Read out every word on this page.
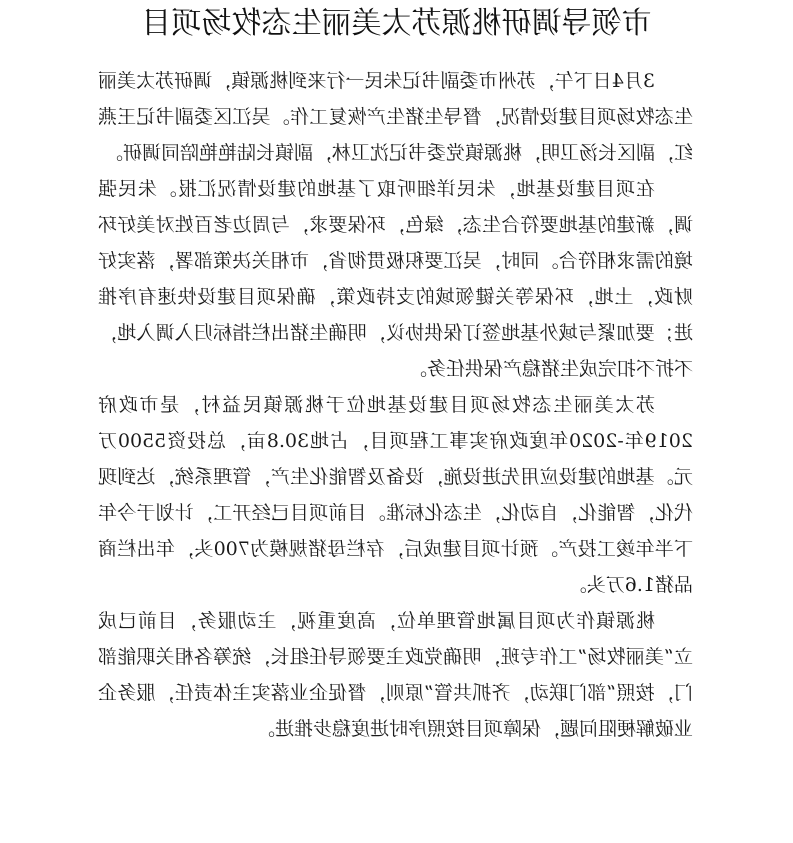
市领导调研桃源苏太美丽生态牧场项目

3月4日下午，苏州市委副书记朱民一行来到桃源镇，调研苏太美丽生态牧场项目建设情况，督导生猪生产恢复工作。吴江区委副书记王燕红，副区长汤卫明，桃源镇党委书记沈卫林，副镇长陆艳艳陪同调研。

在项目建设基地，朱民详细听取了基地的建设情况汇报。朱民强调，新建的基地要符合生态，绿色，环保要求，与周边老百姓对美好环境的需求相符合。同时，吴江要积极贯彻省，市相关决策部署，落实好财政，土地，环保等关键领域的支持政策，确保项目建设快速有序推进；要加紧与域外基地签订保供协议，明确生猪出栏指标归入调入地，不折不扣完成生猪稳产保供任务。

苏太美丽生态牧场项目建设基地位于桃源镇民益村，是市政府2019年-2020年度政府实事工程项目，占地30.8亩，总投资5500万元。基地的建设应用先进设施，设备及智能化生产，管理系统，达到现代化，智能化，自动化，生态化标准。目前项目已经开工，计划于今年下半年竣工投产。预计项目建成后，存栏母猪规模为700头，年出栏商品猪1.6万头。

桃源镇作为项目属地管理单位，高度重视，主动服务，目前已成立“美丽牧场”工作专班，明确党政主要领导任组长，统筹各相关职能部门，按照“部门联动，齐抓共管”原则，督促企业落实主体责任，服务企业破解梗阻问题，保障项目按照序时进度稳步推进。
